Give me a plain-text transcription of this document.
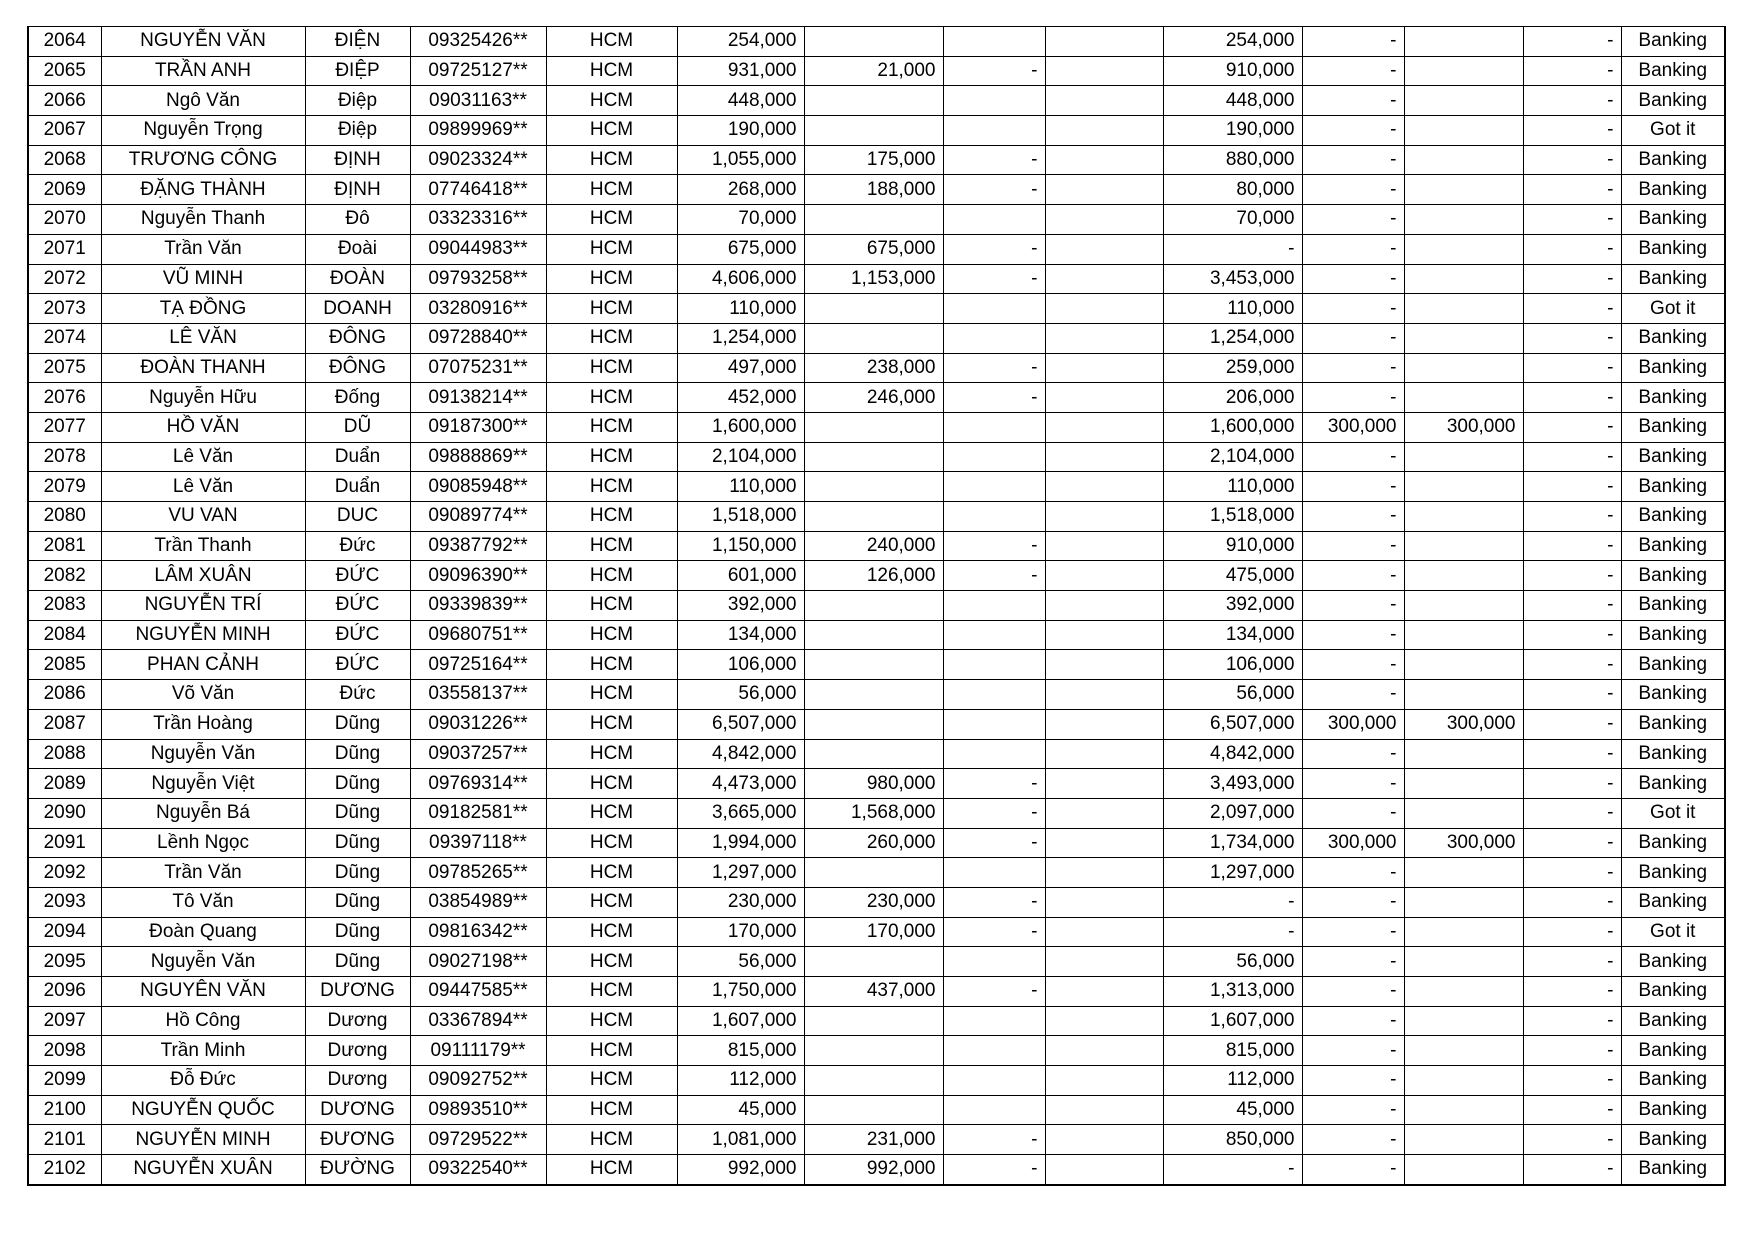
2064	NGUYỄN VĂN	ĐIỆN	09325426**	HCM	254,000				254,000	-		-	Banking
2065	TRẦN ANH	ĐIỆP	09725127**	HCM	931,000	21,000	-		910,000	-		-	Banking
2066	Ngô Văn	Điệp	09031163**	HCM	448,000				448,000	-		-	Banking
2067	Nguyễn Trọng	Điệp	09899969**	HCM	190,000				190,000	-		-	Got it
2068	TRƯƠNG CÔNG	ĐỊNH	09023324**	HCM	1,055,000	175,000	-		880,000	-		-	Banking
2069	ĐẶNG THÀNH	ĐỊNH	07746418**	HCM	268,000	188,000	-		80,000	-		-	Banking
2070	Nguyễn Thanh	Đô	03323316**	HCM	70,000				70,000	-		-	Banking
2071	Trần Văn	Đoài	09044983**	HCM	675,000	675,000	-		-	-		-	Banking
2072	VŨ MINH	ĐOÀN	09793258**	HCM	4,606,000	1,153,000	-		3,453,000	-		-	Banking
2073	TẠ ĐỒNG	DOANH	03280916**	HCM	110,000				110,000	-		-	Got it
2074	LÊ VĂN	ĐÔNG	09728840**	HCM	1,254,000				1,254,000	-		-	Banking
2075	ĐOÀN THANH	ĐÔNG	07075231**	HCM	497,000	238,000	-		259,000	-		-	Banking
2076	Nguyễn Hữu	Đống	09138214**	HCM	452,000	246,000	-		206,000	-		-	Banking
2077	HỒ VĂN	DŨ	09187300**	HCM	1,600,000				1,600,000	300,000	300,000	-	Banking
2078	Lê Văn	Duẩn	09888869**	HCM	2,104,000				2,104,000	-		-	Banking
2079	Lê Văn	Duẩn	09085948**	HCM	110,000				110,000	-		-	Banking
2080	VU VAN	DUC	09089774**	HCM	1,518,000				1,518,000	-		-	Banking
2081	Trần Thanh	Đức	09387792**	HCM	1,150,000	240,000	-		910,000	-		-	Banking
2082	LÂM XUÂN	ĐỨC	09096390**	HCM	601,000	126,000	-		475,000	-		-	Banking
2083	NGUYỄN TRÍ	ĐỨC	09339839**	HCM	392,000				392,000	-		-	Banking
2084	NGUYỄN MINH	ĐỨC	09680751**	HCM	134,000				134,000	-		-	Banking
2085	PHAN CẢNH	ĐỨC	09725164**	HCM	106,000				106,000	-		-	Banking
2086	Võ Văn	Đức	03558137**	HCM	56,000				56,000	-		-	Banking
2087	Trần Hoàng	Dũng	09031226**	HCM	6,507,000				6,507,000	300,000	300,000	-	Banking
2088	Nguyễn Văn	Dũng	09037257**	HCM	4,842,000				4,842,000	-		-	Banking
2089	Nguyễn Việt	Dũng	09769314**	HCM	4,473,000	980,000	-		3,493,000	-		-	Banking
2090	Nguyễn Bá	Dũng	09182581**	HCM	3,665,000	1,568,000	-		2,097,000	-		-	Got it
2091	Lềnh Ngọc	Dũng	09397118**	HCM	1,994,000	260,000	-		1,734,000	300,000	300,000	-	Banking
2092	Trần Văn	Dũng	09785265**	HCM	1,297,000				1,297,000	-		-	Banking
2093	Tô Văn	Dũng	03854989**	HCM	230,000	230,000	-		-	-		-	Banking
2094	Đoàn Quang	Dũng	09816342**	HCM	170,000	170,000	-		-	-		-	Got it
2095	Nguyễn Văn	Dũng	09027198**	HCM	56,000				56,000	-		-	Banking
2096	NGUYÊN VĂN	DƯƠNG	09447585**	HCM	1,750,000	437,000	-		1,313,000	-		-	Banking
2097	Hồ Công	Dương	03367894**	HCM	1,607,000				1,607,000	-		-	Banking
2098	Trần Minh	Dương	09111179**	HCM	815,000				815,000	-		-	Banking
2099	Đỗ Đức	Dương	09092752**	HCM	112,000				112,000	-		-	Banking
2100	NGUYỄN QUỐC	DƯƠNG	09893510**	HCM	45,000				45,000	-		-	Banking
2101	NGUYỄN MINH	ĐƯƠNG	09729522**	HCM	1,081,000	231,000	-		850,000	-		-	Banking
2102	NGUYỄN XUÂN	ĐƯỜNG	09322540**	HCM	992,000	992,000	-		-	-		-	Banking
